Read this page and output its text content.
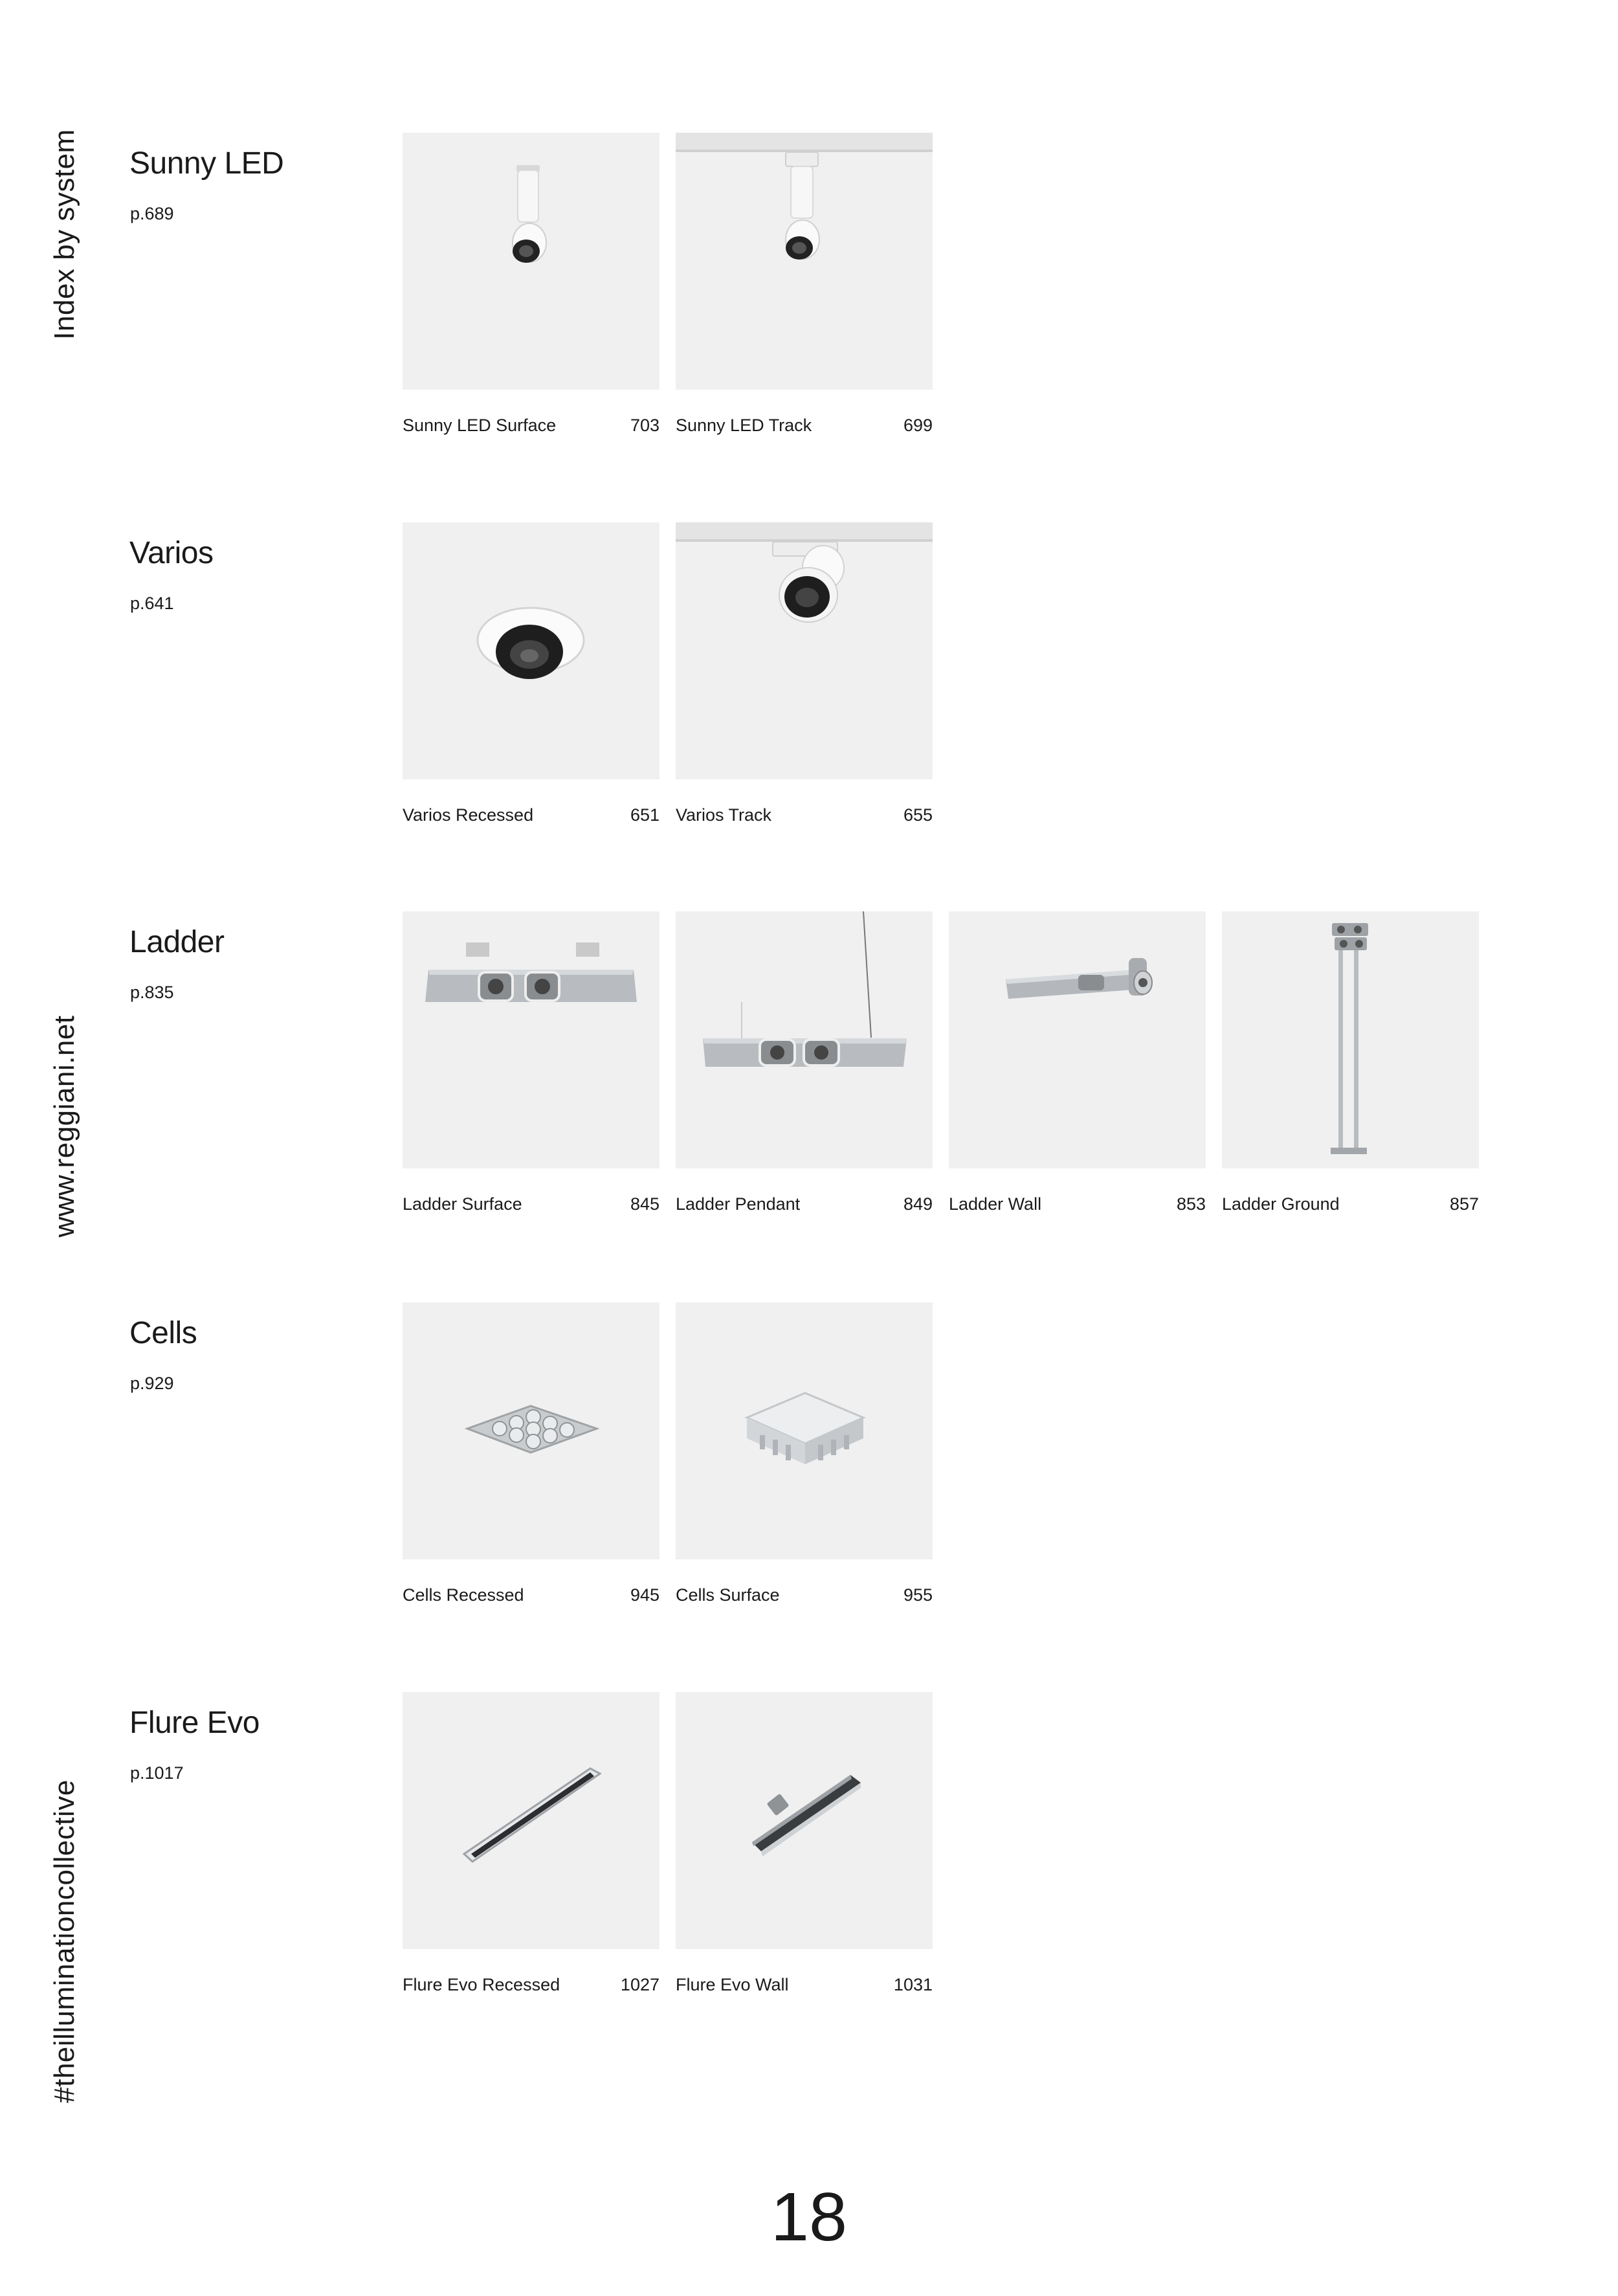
Index by system
www.reggiani.net
#theilluminationcollective
Sunny LED
p.689
Sunny LED Surface	703 Sunny LED Track	699
Varios
p.641
Varios Recessed	651 Varios Track	655
Ladder
p.835
Ladder Surface	845 Ladder Pendant	849 Ladder Wall	853 Ladder Ground	857
Cells
p.929
Cells Recessed	945 Cells Surface	955
Flure Evo
p.1017
Flure Evo Recessed	1027 Flure Evo Wall	1031
18
